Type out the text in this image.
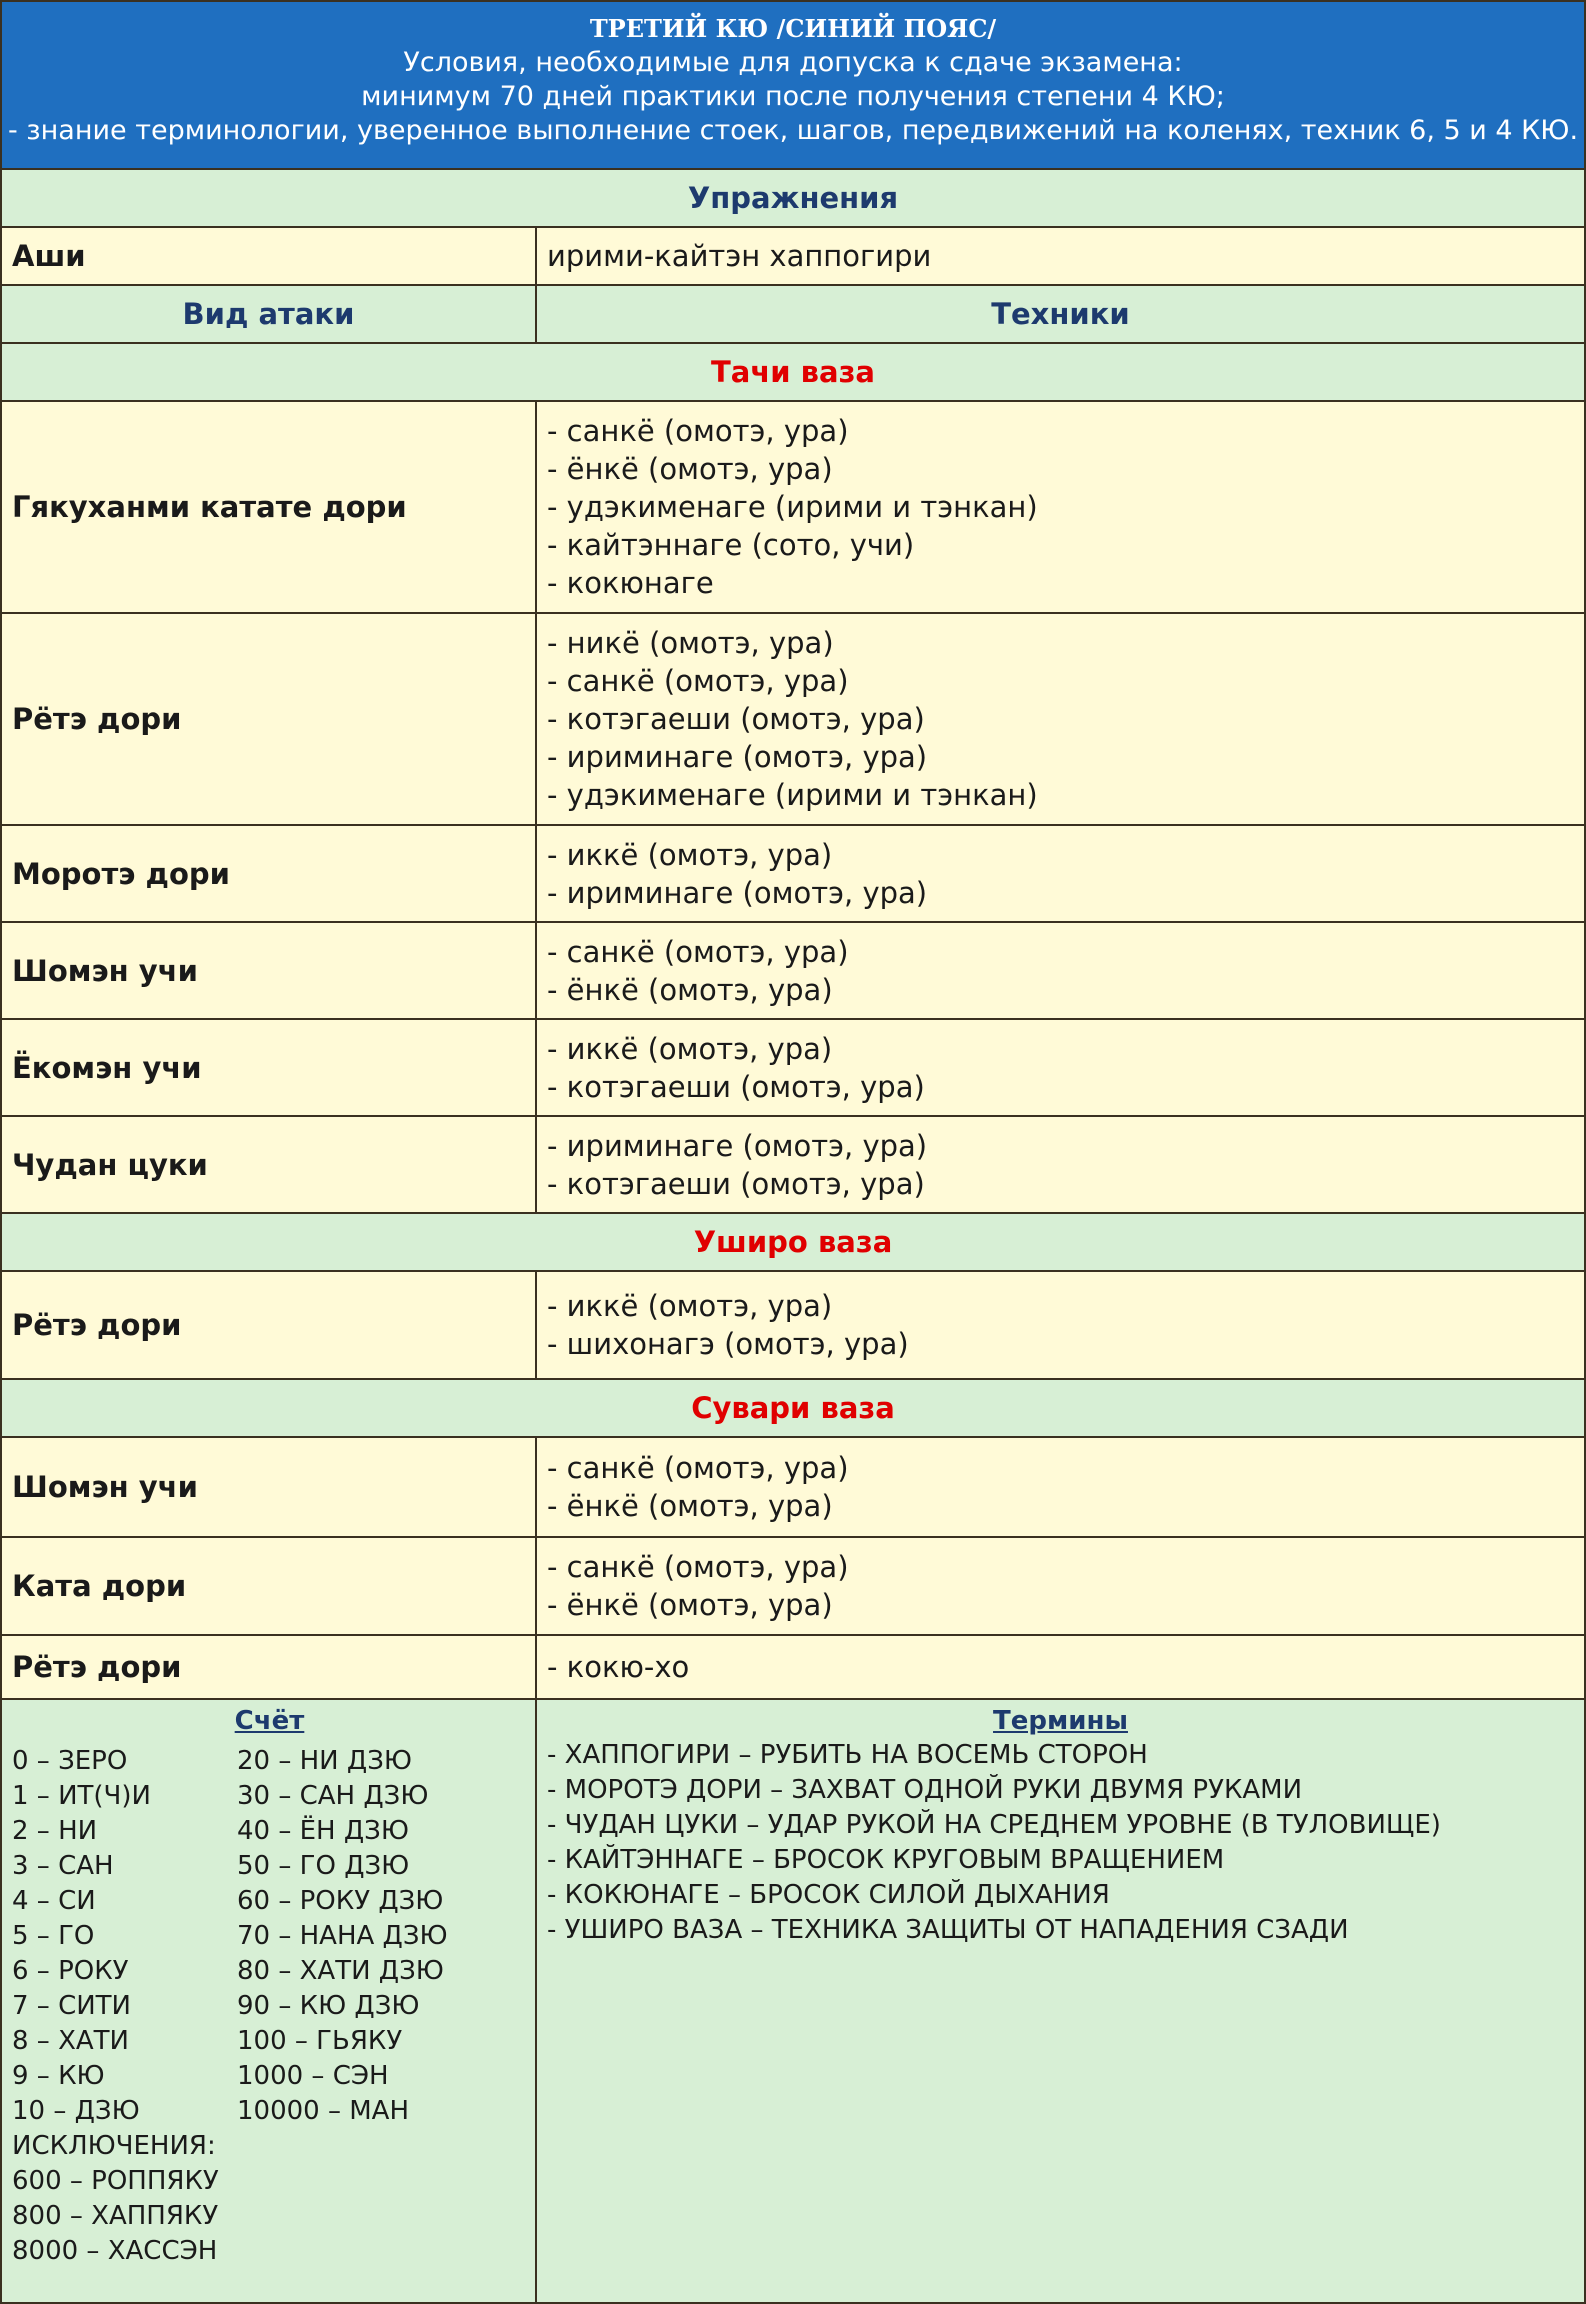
ТРЕТИЙ КЮ /СИНИЙ ПОЯС/
Условия, необходимые для допуска к сдаче экзамена:
минимум 70 дней практики после получения степени 4 КЮ;
- знание терминологии, уверенное выполнение стоек, шагов, передвижений на коленях, техник 6, 5 и 4 КЮ.
Упражнения
Аши	ирими-кайтэн хаппогири
Вид атаки	Техники
Тачи ваза
Гякуханми катате дори
- санкё (омотэ, ура)
- ёнкё (омотэ, ура)
- удэкименаге (ирими и тэнкан)
- кайтэннаге (сото, учи)
- кокюнаге
Рётэ дори
- никё (омотэ, ура)
- санкё (омотэ, ура)
- котэгаеши (омотэ, ура)
- ириминаге (омотэ, ура)
- удэкименаге (ирими и тэнкан)
Моротэ дори
- иккё (омотэ, ура)
- ириминаге (омотэ, ура)
Шомэн учи
- санкё (омотэ, ура)
- ёнкё (омотэ, ура)
Ёкомэн учи
- иккё (омотэ, ура)
- котэгаеши (омотэ, ура)
Чудан цуки
- ириминаге (омотэ, ура)
- котэгаеши (омотэ, ура)
Уширо ваза
Рётэ дори
- иккё (омотэ, ура)
- шихонагэ (омотэ, ура)
Сувари ваза
Шомэн учи
- санкё (омотэ, ура)
- ёнкё (омотэ, ура)
Ката дори
- санкё (омотэ, ура)
- ёнкё (омотэ, ура)
Рётэ дори	- кокю-хо
Счёт
0 – ЗЕРО
1 – ИТ(Ч)И
2 – НИ
3 – САН
4 – СИ
5 – ГО
6 – РОКУ
7 – СИТИ
8 – ХАТИ
9 – КЮ
10 – ДЗЮ
20 – НИ ДЗЮ
30 – САН ДЗЮ
40 – ЁН ДЗЮ
50 – ГО ДЗЮ
60 – РОКУ ДЗЮ
70 – НАНА ДЗЮ
80 – ХАТИ ДЗЮ
90 – КЮ ДЗЮ
100 – ГЬЯКУ
1000 – СЭН
10000 – МАН
ИСКЛЮЧЕНИЯ:
600 – РОППЯКУ
800 – ХАППЯКУ
8000 – ХАССЭН
Термины
- ХАППОГИРИ – РУБИТЬ НА ВОСЕМЬ СТОРОН
- МОРОТЭ ДОРИ – ЗАХВАТ ОДНОЙ РУКИ ДВУМЯ РУКАМИ
- ЧУДАН ЦУКИ – УДАР РУКОЙ НА СРЕДНЕМ УРОВНЕ (В ТУЛОВИЩЕ)
- КАЙТЭННАГЕ – БРОСОК КРУГОВЫМ ВРАЩЕНИЕМ
- КОКЮНАГЕ – БРОСОК СИЛОЙ ДЫХАНИЯ
- УШИРО ВАЗА – ТЕХНИКА ЗАЩИТЫ ОТ НАПАДЕНИЯ СЗАДИ
